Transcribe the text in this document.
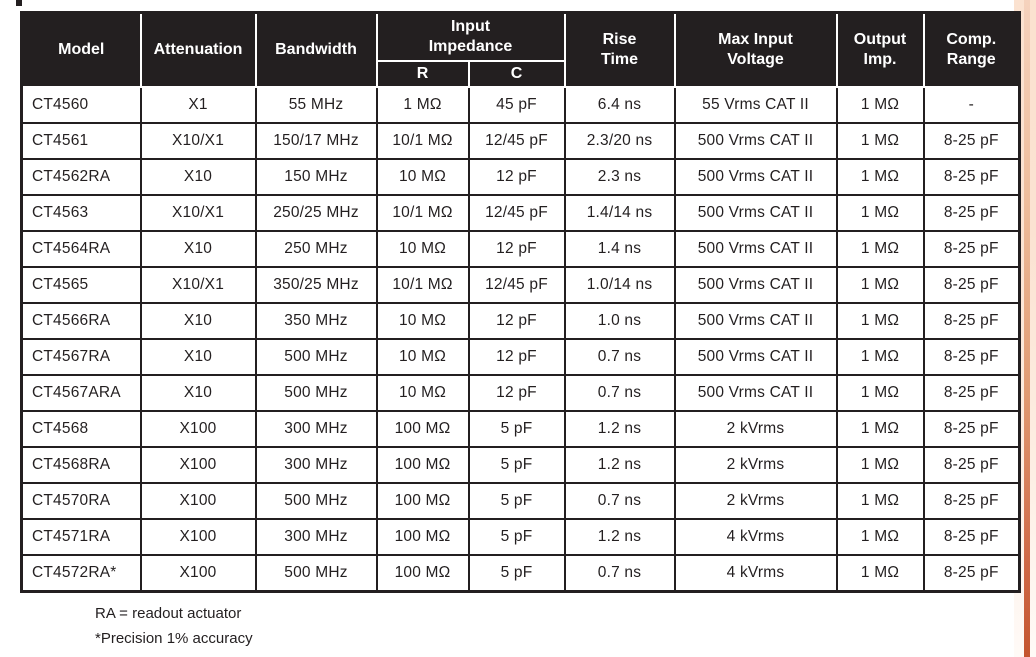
Model	Attenuation	Bandwidth	Input Impedance		Rise Time	Max Input Voltage	Output Imp.	Comp. Range
			R	C				
CT4560	X1	55 MHz	1 MΩ	45 pF	6.4 ns	55 Vrms CAT II	1 MΩ	-
CT4561	X10/X1	150/17 MHz	10/1 MΩ	12/45 pF	2.3/20 ns	500 Vrms CAT II	1 MΩ	8-25 pF
CT4562RA	X10	150 MHz	10 MΩ	12 pF	2.3 ns	500 Vrms CAT II	1 MΩ	8-25 pF
CT4563	X10/X1	250/25 MHz	10/1 MΩ	12/45 pF	1.4/14 ns	500 Vrms CAT II	1 MΩ	8-25 pF
CT4564RA	X10	250 MHz	10 MΩ	12 pF	1.4 ns	500 Vrms CAT II	1 MΩ	8-25 pF
CT4565	X10/X1	350/25 MHz	10/1 MΩ	12/45 pF	1.0/14 ns	500 Vrms CAT II	1 MΩ	8-25 pF
CT4566RA	X10	350 MHz	10 MΩ	12 pF	1.0 ns	500 Vrms CAT II	1 MΩ	8-25 pF
CT4567RA	X10	500 MHz	10 MΩ	12 pF	0.7 ns	500 Vrms CAT II	1 MΩ	8-25 pF
CT4567ARA	X10	500 MHz	10 MΩ	12 pF	0.7 ns	500 Vrms CAT II	1 MΩ	8-25 pF
CT4568	X100	300 MHz	100 MΩ	5 pF	1.2 ns	2 kVrms	1 MΩ	8-25 pF
CT4568RA	X100	300 MHz	100 MΩ	5 pF	1.2 ns	2 kVrms	1 MΩ	8-25 pF
CT4570RA	X100	500 MHz	100 MΩ	5 pF	0.7 ns	2 kVrms	1 MΩ	8-25 pF
CT4571RA	X100	300 MHz	100 MΩ	5 pF	1.2 ns	4 kVrms	1 MΩ	8-25 pF
CT4572RA*	X100	500 MHz	100 MΩ	5 pF	0.7 ns	4 kVrms	1 MΩ	8-25 pF
RA = readout actuator
*Precision 1% accuracy
